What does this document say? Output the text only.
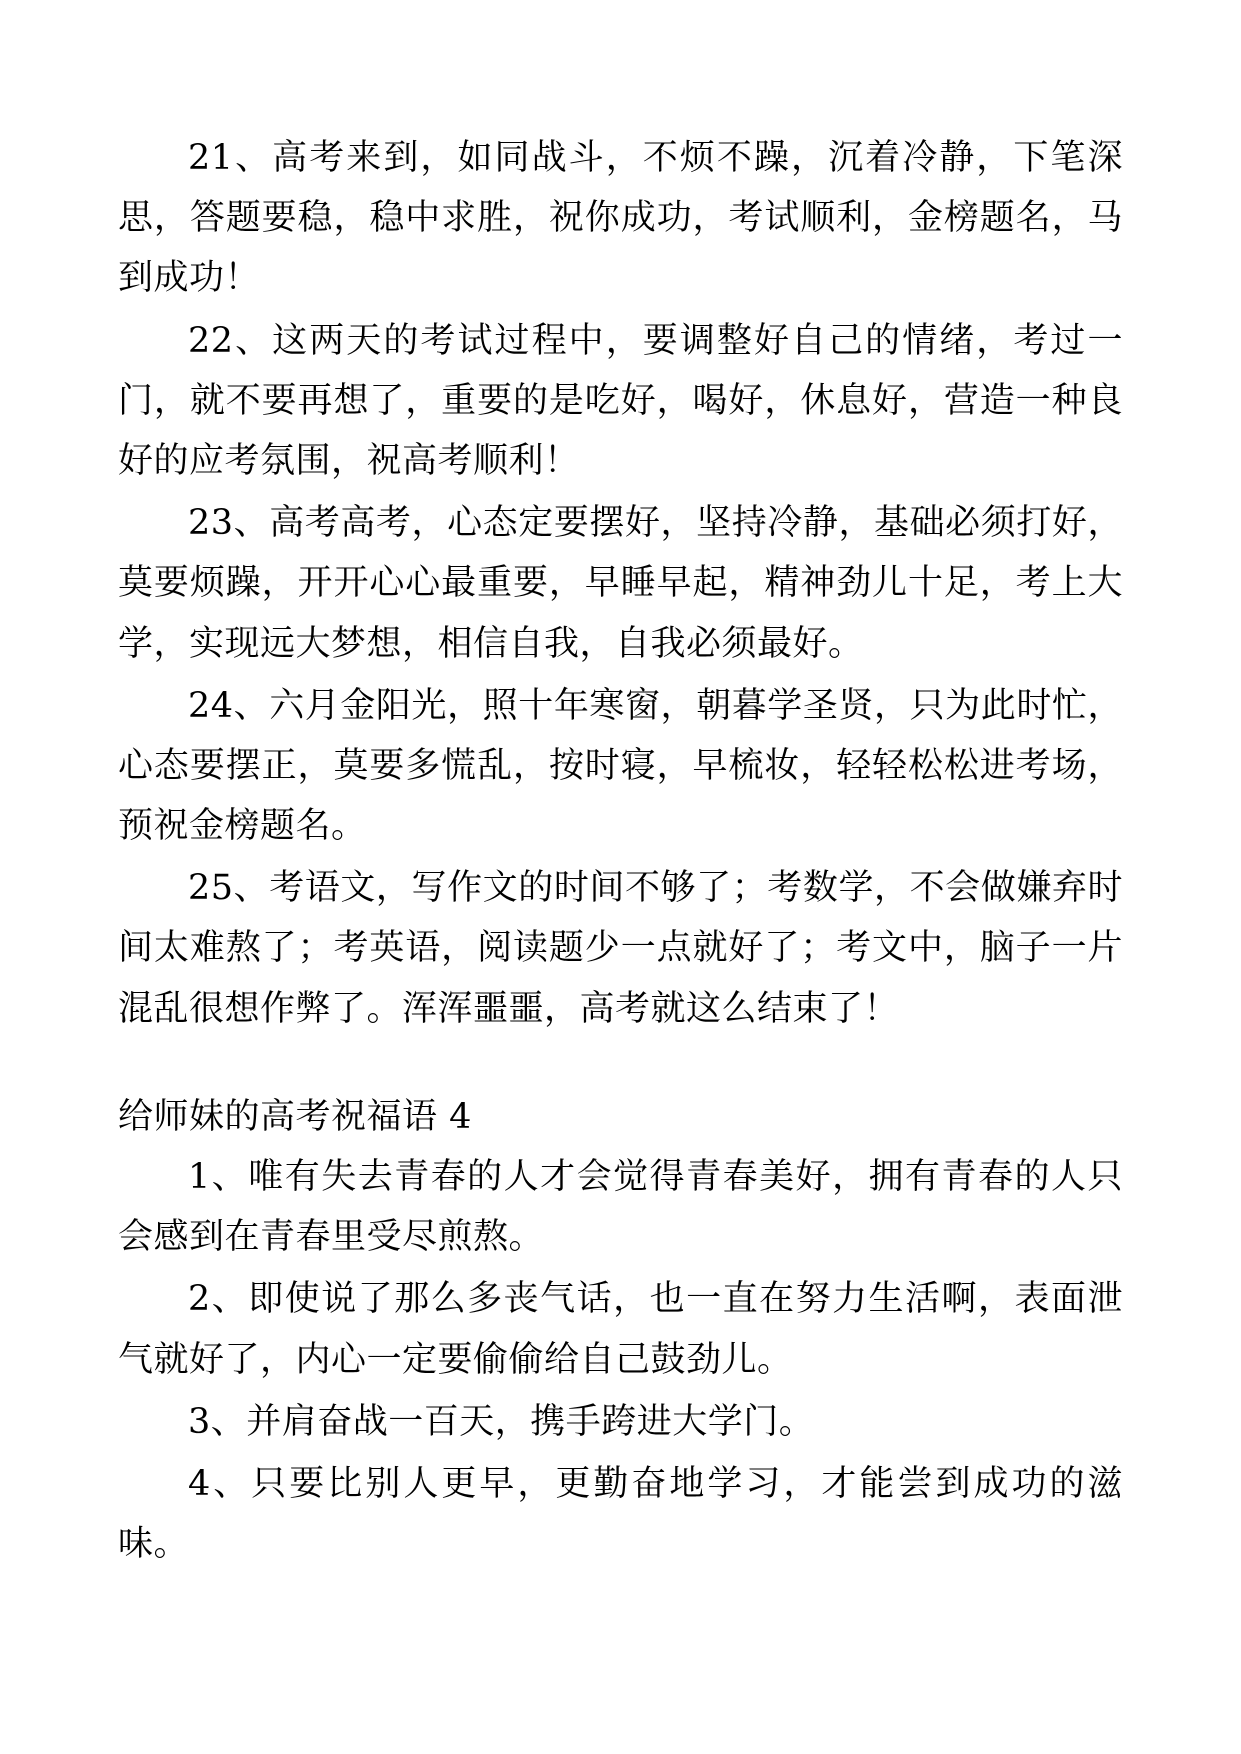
21、高考来到，如同战斗，不烦不躁，沉着冷静，下笔深思，答题要稳，稳中求胜，祝你成功，考试顺利，金榜题名，马到成功！

22、这两天的考试过程中，要调整好自己的情绪，考过一门，就不要再想了，重要的是吃好，喝好，休息好，营造一种良好的应考氛围，祝高考顺利！

23、高考高考，心态定要摆好，坚持冷静，基础必须打好，莫要烦躁，开开心心最重要，早睡早起，精神劲儿十足，考上大学，实现远大梦想，相信自我，自我必须最好。

24、六月金阳光，照十年寒窗，朝暮学圣贤，只为此时忙，心态要摆正，莫要多慌乱，按时寝，早梳妆，轻轻松松进考场，预祝金榜题名。

25、考语文，写作文的时间不够了；考数学，不会做嫌弃时间太难熬了；考英语，阅读题少一点就好了；考文中，脑子一片混乱很想作弊了。浑浑噩噩，高考就这么结束了！

给师妹的高考祝福语 4

1、唯有失去青春的人才会觉得青春美好，拥有青春的人只会感到在青春里受尽煎熬。

2、即使说了那么多丧气话，也一直在努力生活啊，表面泄气就好了，内心一定要偷偷给自己鼓劲儿。

3、并肩奋战一百天，携手跨进大学门。

4、只要比别人更早，更勤奋地学习，才能尝到成功的滋味。
